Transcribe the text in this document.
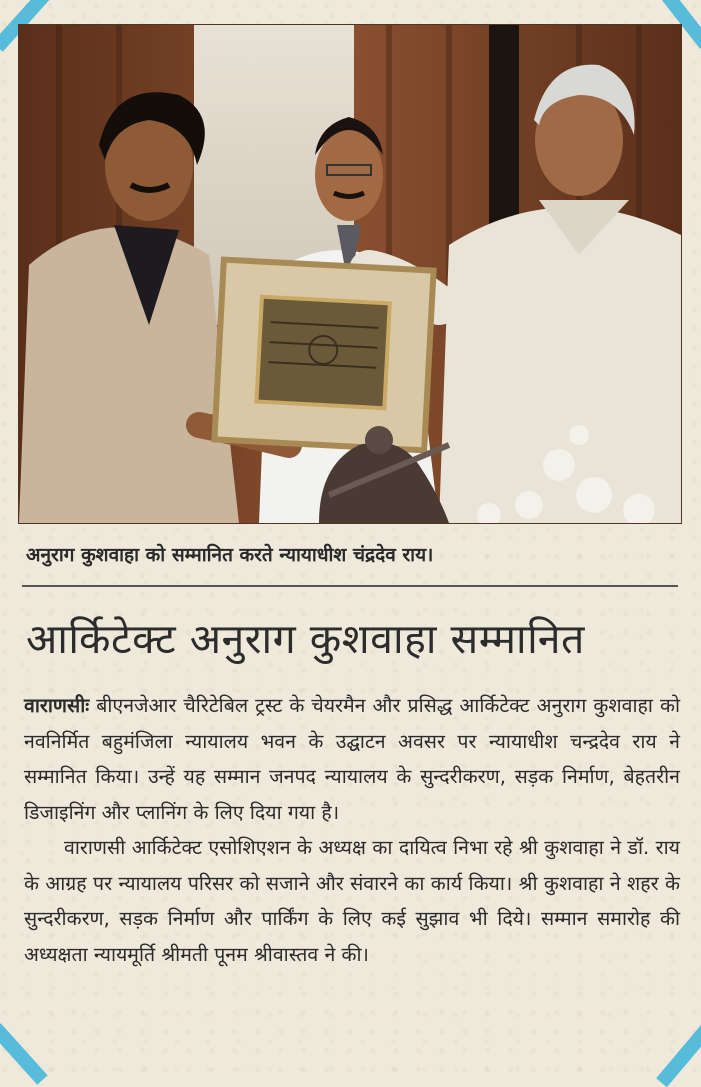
अनुराग कुशवाहा को सम्मानित करते न्यायाधीश चंद्रदेव राय।
आर्किटेक्ट अनुराग कुशवाहा सम्मानित

वाराणसीः बीएनजेआर चैरिटेबिल ट्रस्ट के चेयरमैन और प्रसिद्ध आर्किटेक्ट अनुराग कुशवाहा को नवनिर्मित बहुमंजिला न्यायालय भवन के उद्घाटन अवसर पर न्यायाधीश चन्द्रदेव राय ने सम्मानित किया। उन्हें यह सम्मान जनपद न्यायालय के सुन्दरीकरण, सड़क निर्माण, बेहतरीन डिजाइनिंग और प्लानिंग के लिए दिया गया है।

वाराणसी आर्किटेक्ट एसोशिएशन के अध्यक्ष का दायित्व निभा रहे श्री कुशवाहा ने डॉ. राय के आग्रह पर न्यायालय परिसर को सजाने और संवारने का कार्य किया। श्री कुशवाहा ने शहर के सुन्दरीकरण, सड़क निर्माण और पार्किंग के लिए कई सुझाव भी दिये। सम्मान समारोह की अध्यक्षता न्यायमूर्ति श्रीमती पूनम श्रीवास्तव ने की।
